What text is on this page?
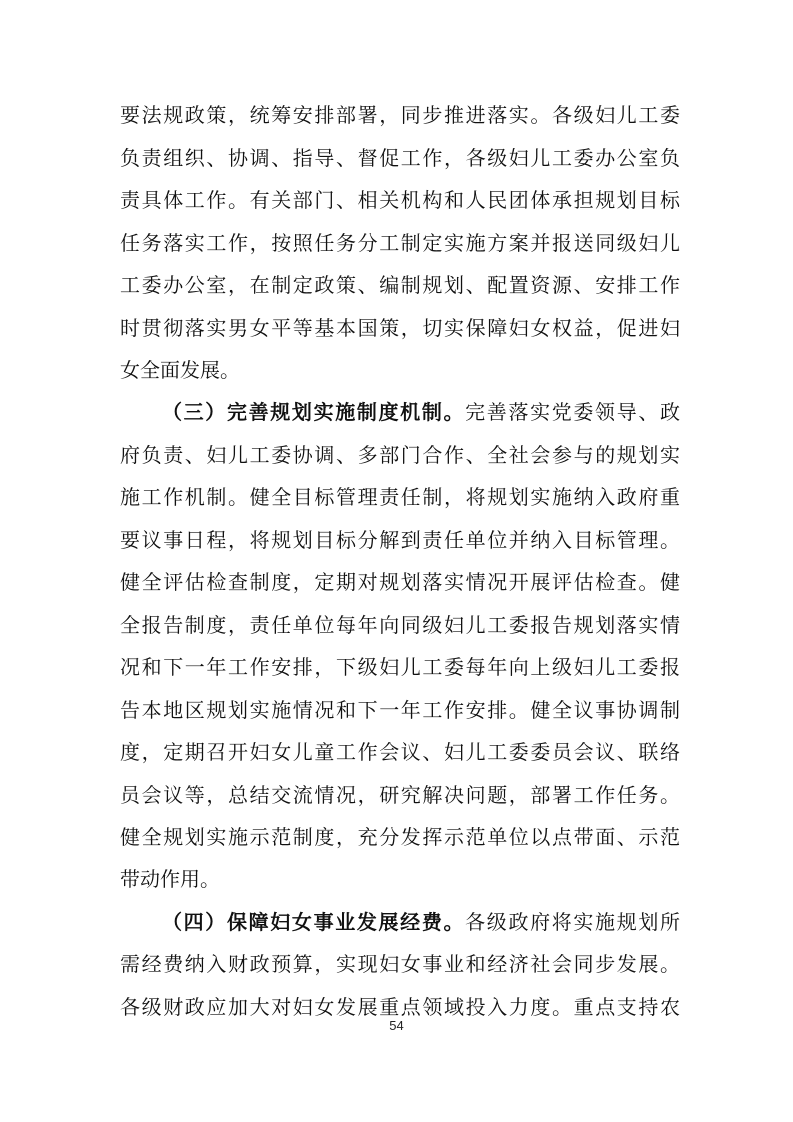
要法规政策，统筹安排部署，同步推进落实。各级妇儿工委
负责组织、协调、指导、督促工作，各级妇儿工委办公室负
责具体工作。有关部门、相关机构和人民团体承担规划目标
任务落实工作，按照任务分工制定实施方案并报送同级妇儿
工委办公室，在制定政策、编制规划、配置资源、安排工作
时贯彻落实男女平等基本国策，切实保障妇女权益，促进妇
女全面发展。
（三）完善规划实施制度机制。完善落实党委领导、政
府负责、妇儿工委协调、多部门合作、全社会参与的规划实
施工作机制。健全目标管理责任制，将规划实施纳入政府重
要议事日程，将规划目标分解到责任单位并纳入目标管理。
健全评估检查制度，定期对规划落实情况开展评估检查。健
全报告制度，责任单位每年向同级妇儿工委报告规划落实情
况和下一年工作安排，下级妇儿工委每年向上级妇儿工委报
告本地区规划实施情况和下一年工作安排。健全议事协调制
度，定期召开妇女儿童工作会议、妇儿工委委员会议、联络
员会议等，总结交流情况，研究解决问题，部署工作任务。
健全规划实施示范制度，充分发挥示范单位以点带面、示范
带动作用。
（四）保障妇女事业发展经费。各级政府将实施规划所
需经费纳入财政预算，实现妇女事业和经济社会同步发展。
各级财政应加大对妇女发展重点领域投入力度。重点支持农
54
